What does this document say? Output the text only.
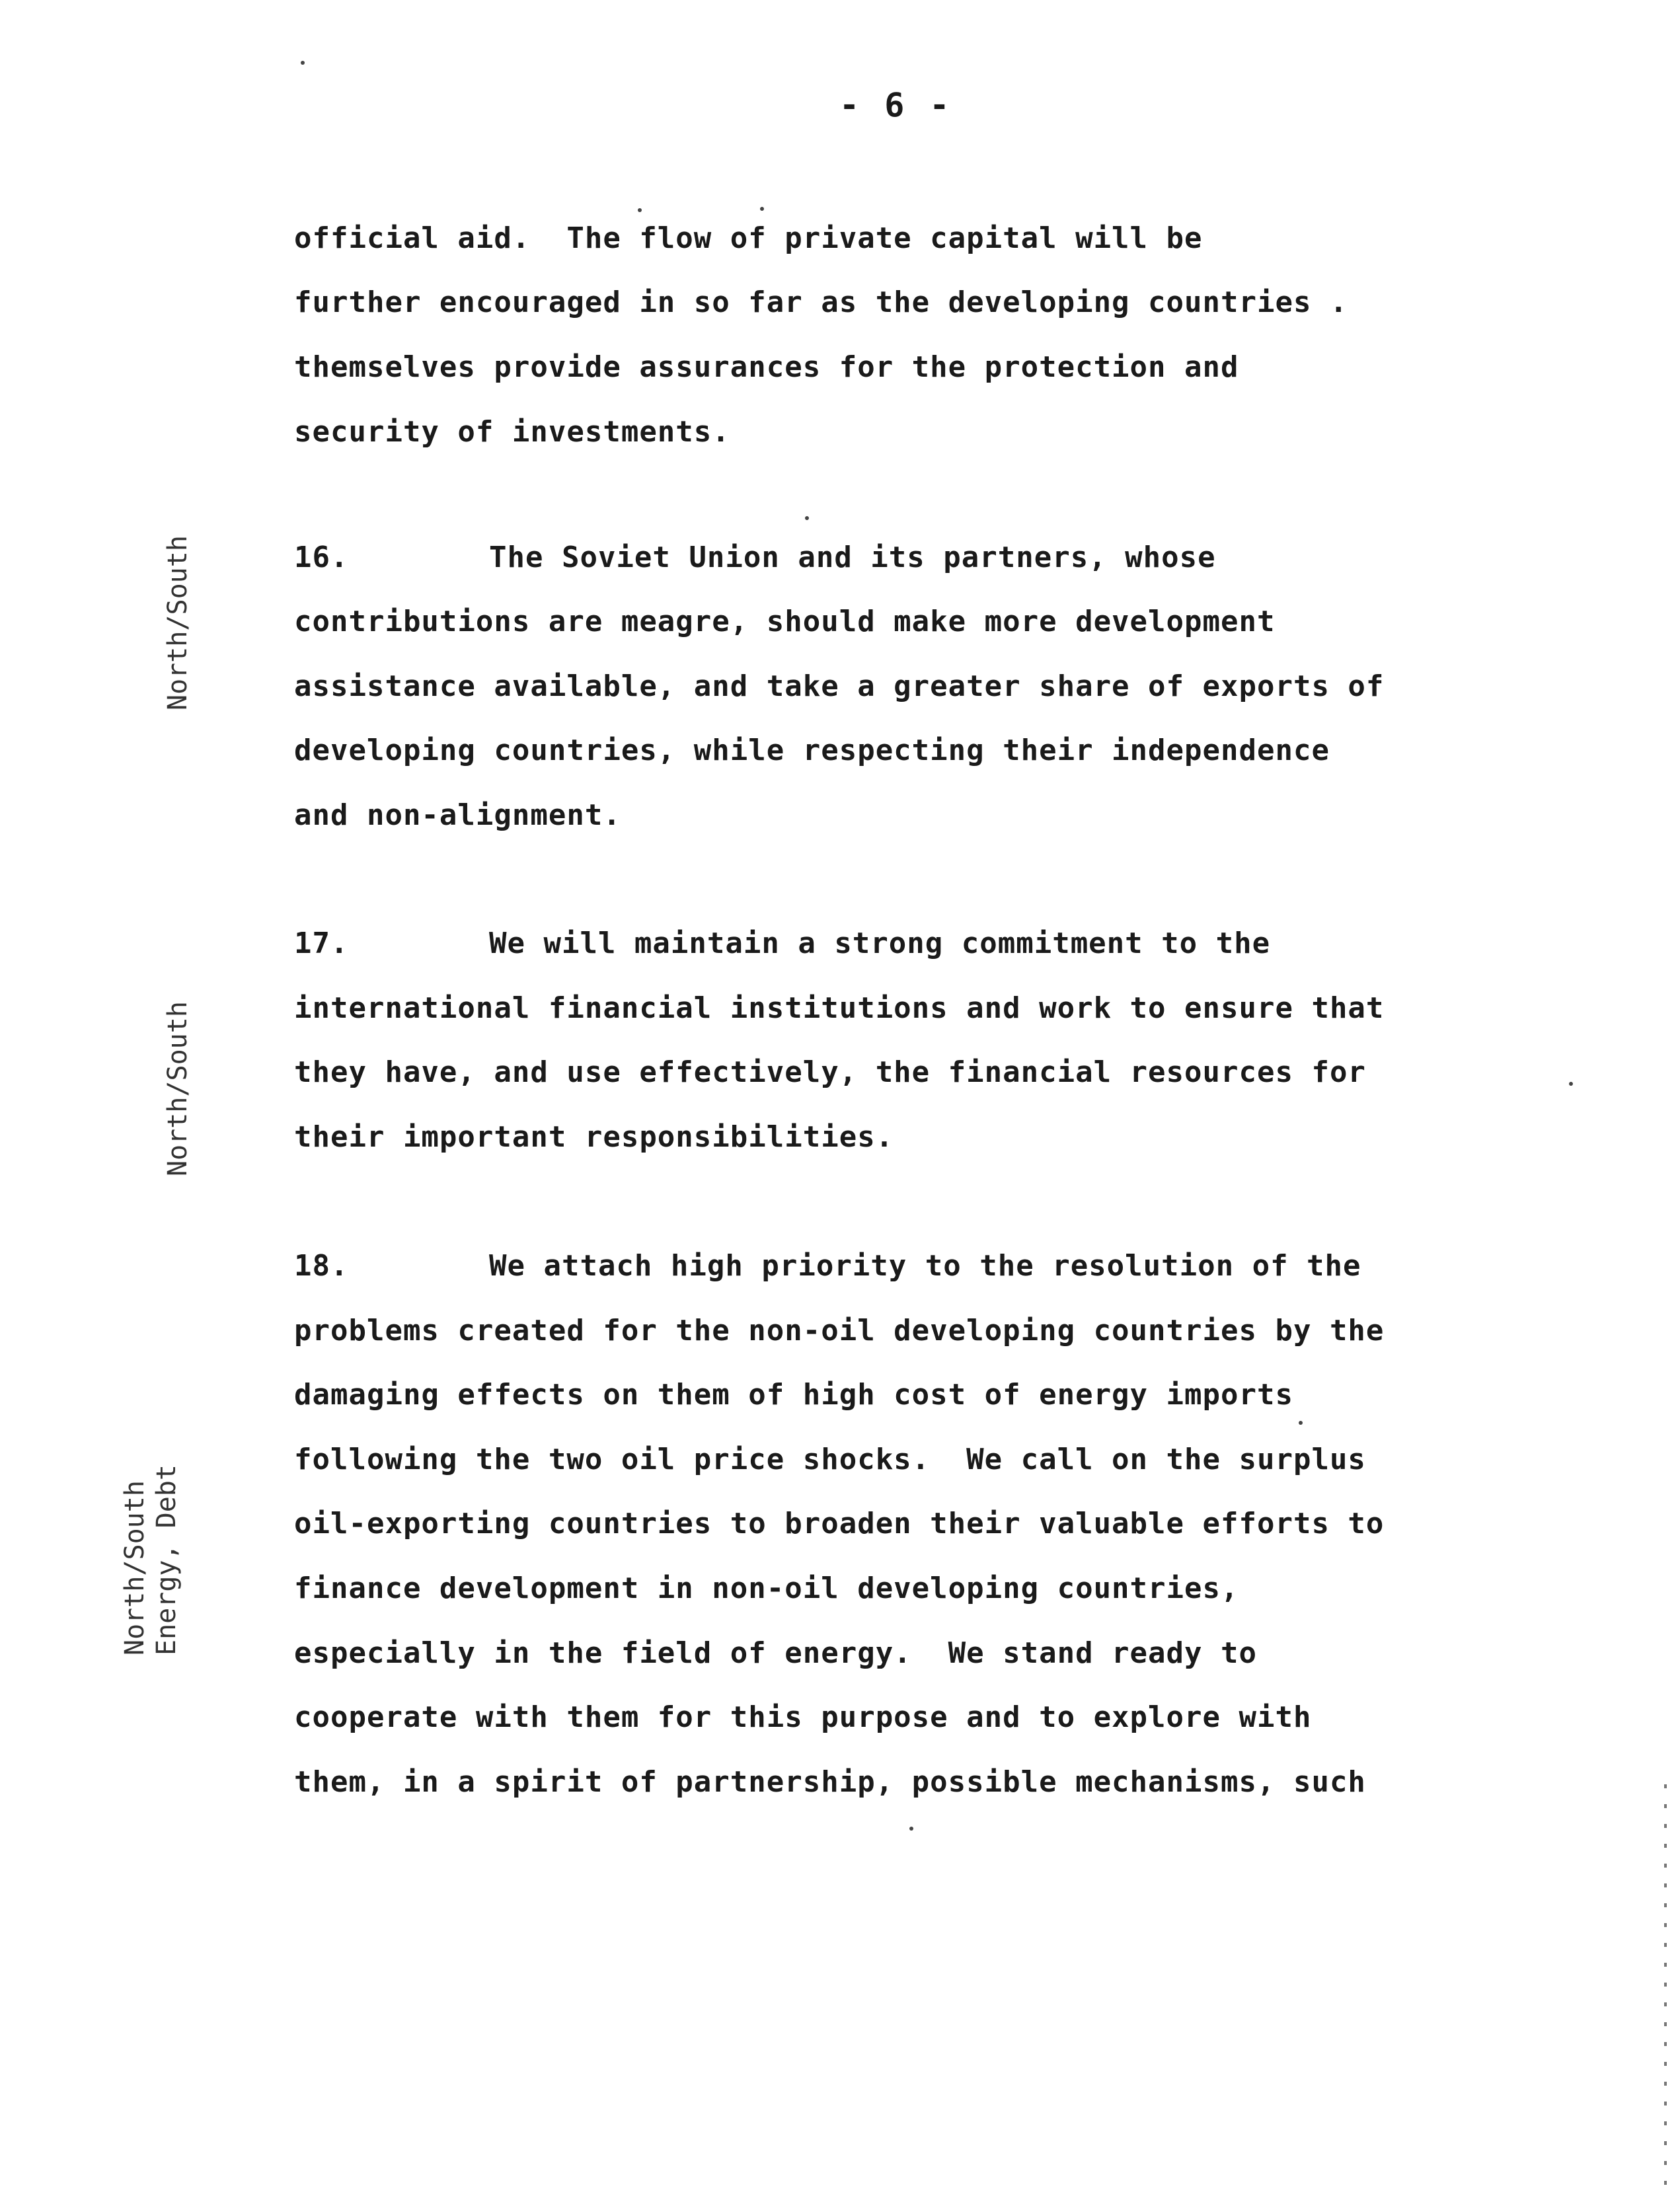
- 6 -
North/South
North/South
North/South
Energy, Debt
official aid.  The flow of private capital will be
further encouraged in so far as the developing countries .
themselves provide assurances for the protection and
security of investments.
16.	The Soviet Union and its partners, whose
contributions are meagre, should make more development
assistance available, and take a greater share of exports of
developing countries, while respecting their independence
and non-alignment.
17.	We will maintain a strong commitment to the
international financial institutions and work to ensure that
they have, and use effectively, the financial resources for
their important responsibilities.
18.	We attach high priority to the resolution of the
problems created for the non-oil developing countries by the
damaging effects on them of high cost of energy imports
following the two oil price shocks.  We call on the surplus
oil-exporting countries to broaden their valuable efforts to
finance development in non-oil developing countries,
especially in the field of energy.  We stand ready to
cooperate with them for this purpose and to explore with
them, in a spirit of partnership, possible mechanisms, such
